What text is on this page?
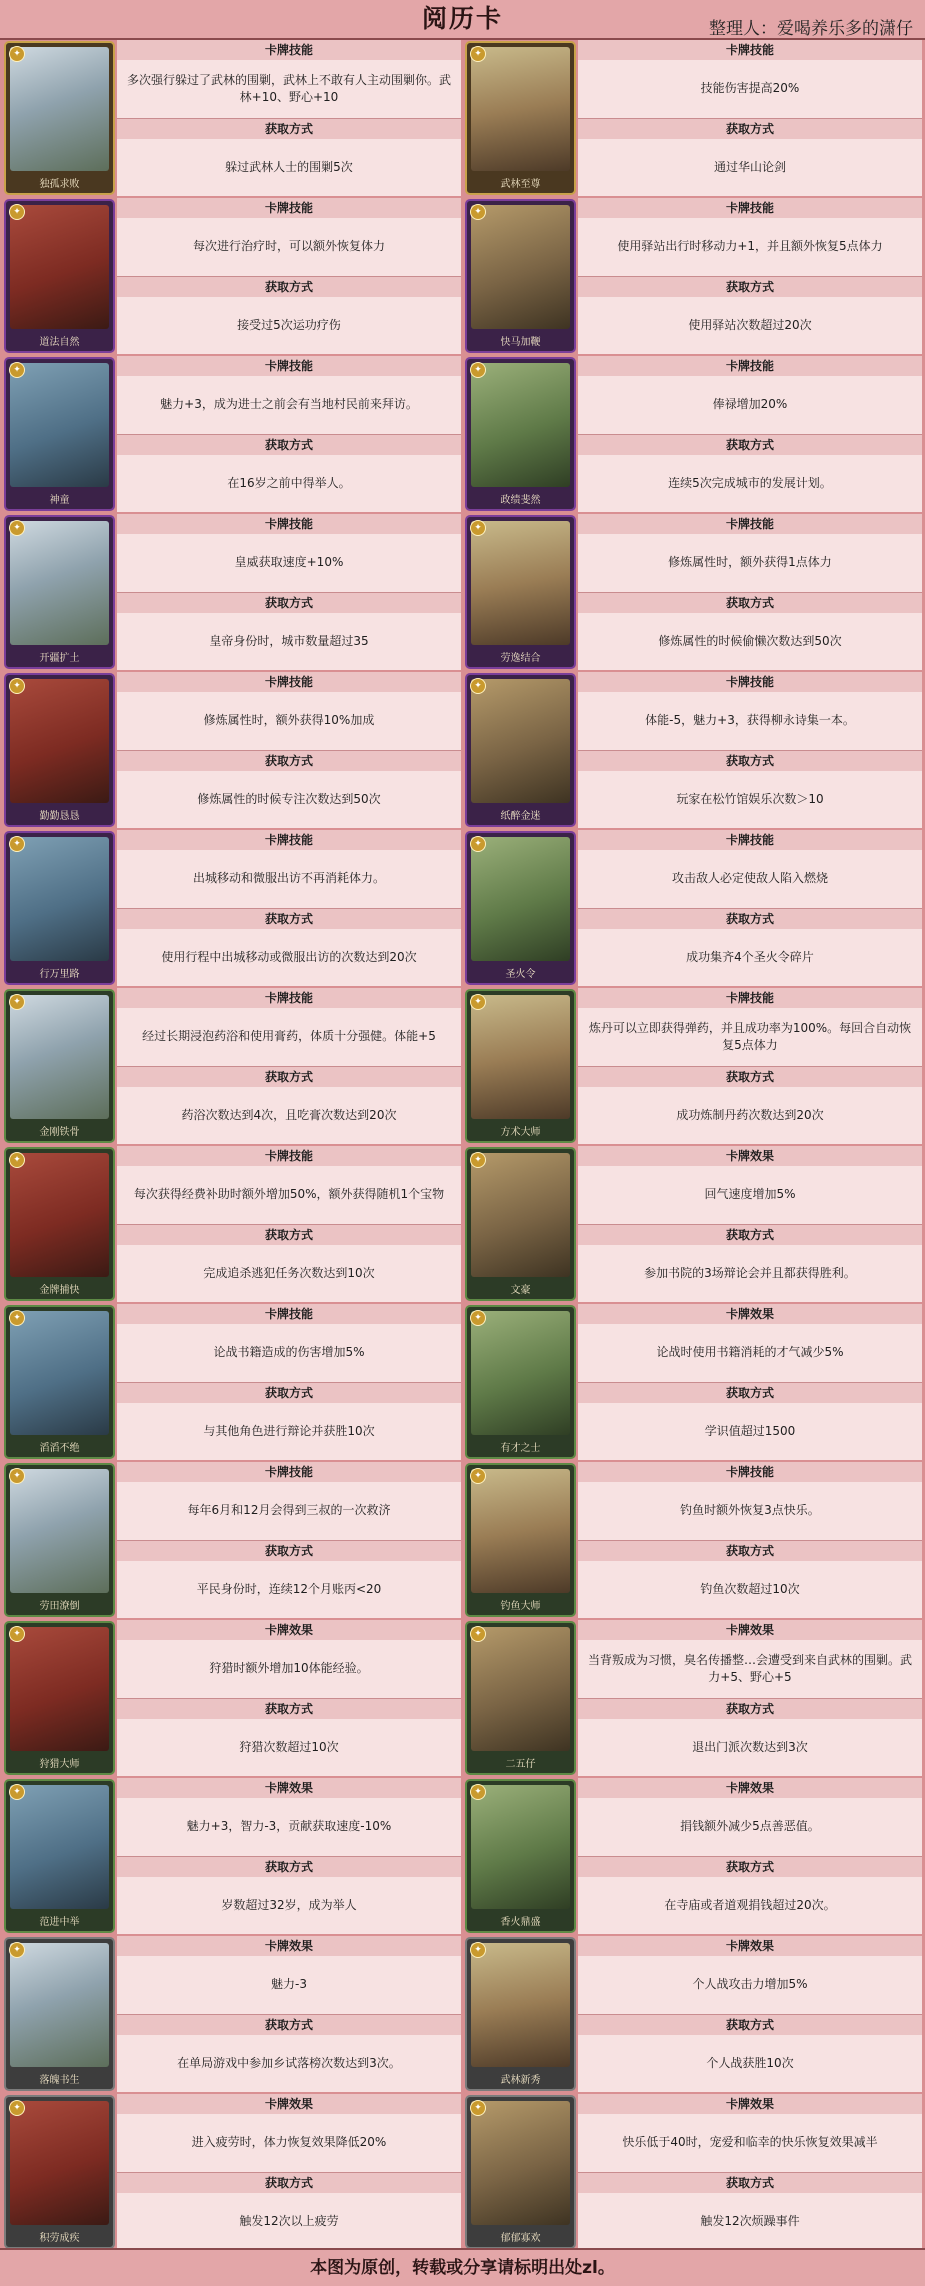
阅历卡	整理人：爱喝养乐多的潇仔
✦
独孤求败
卡牌技能
多次强行躲过了武林的围剿，武林上不敢有人主动围剿你。武林+10、野心+10
获取方式
躲过武林人士的围剿5次
✦
武林至尊
卡牌技能
技能伤害提高20%
获取方式
通过华山论剑
✦
道法自然
卡牌技能
每次进行治疗时，可以额外恢复体力
获取方式
接受过5次运功疗伤
✦
快马加鞭
卡牌技能
使用驿站出行时移动力+1，并且额外恢复5点体力
获取方式
使用驿站次数超过20次
✦
神童
卡牌技能
魅力+3，成为进士之前会有当地村民前来拜访。
获取方式
在16岁之前中得举人。
✦
政绩斐然
卡牌技能
俸禄增加20%
获取方式
连续5次完成城市的发展计划。
✦
开疆扩土
卡牌技能
皇威获取速度+10%
获取方式
皇帝身份时，城市数量超过35
✦
劳逸结合
卡牌技能
修炼属性时，额外获得1点体力
获取方式
修炼属性的时候偷懒次数达到50次
✦
勤勤恳恳
卡牌技能
修炼属性时，额外获得10%加成
获取方式
修炼属性的时候专注次数达到50次
✦
纸醉金迷
卡牌技能
体能-5，魅力+3，获得柳永诗集一本。
获取方式
玩家在松竹馆娱乐次数＞10
✦
行万里路
卡牌技能
出城移动和微服出访不再消耗体力。
获取方式
使用行程中出城移动或微服出访的次数达到20次
✦
圣火令
卡牌技能
攻击敌人必定使敌人陷入燃烧
获取方式
成功集齐4个圣火令碎片
✦
金刚铁骨
卡牌技能
经过长期浸泡药浴和使用膏药，体质十分强健。体能+5
获取方式
药浴次数达到4次，且吃膏次数达到20次
✦
方术大师
卡牌技能
炼丹可以立即获得弹药，并且成功率为100%。每回合自动恢复5点体力
获取方式
成功炼制丹药次数达到20次
✦
金牌捕快
卡牌技能
每次获得经费补助时额外增加50%，额外获得随机1个宝物
获取方式
完成追杀逃犯任务次数达到10次
✦
文豪
卡牌效果
回气速度增加5%
获取方式
参加书院的3场辩论会并且都获得胜利。
✦
滔滔不绝
卡牌技能
论战书籍造成的伤害增加5%
获取方式
与其他角色进行辩论并获胜10次
✦
有才之士
卡牌效果
论战时使用书籍消耗的才气减少5%
获取方式
学识值超过1500
✦
劳田潦倒
卡牌技能
每年6月和12月会得到三叔的一次救济
获取方式
平民身份时，连续12个月账丙<20
✦
钓鱼大师
卡牌技能
钓鱼时额外恢复3点快乐。
获取方式
钓鱼次数超过10次
✦
狩猎大师
卡牌效果
狩猎时额外增加10体能经验。
获取方式
狩猎次数超过10次
✦
二五仔
卡牌效果
当背叛成为习惯，臭名传播整…会遭受到来自武林的围剿。武力+5、野心+5
获取方式
退出门派次数达到3次
✦
范进中举
卡牌效果
魅力+3，智力-3，贡献获取速度-10%
获取方式
岁数超过32岁，成为举人
✦
香火鼎盛
卡牌效果
捐钱额外减少5点善恶值。
获取方式
在寺庙或者道观捐钱超过20次。
✦
落魄书生
卡牌效果
魅力-3
获取方式
在单局游戏中参加乡试落榜次数达到3次。
✦
武林新秀
卡牌效果
个人战攻击力增加5%
获取方式
个人战获胜10次
✦
积劳成疾
卡牌效果
进入疲劳时，体力恢复效果降低20%
获取方式
触发12次以上疲劳
✦
郁郁寡欢
卡牌效果
快乐低于40时，宠爱和临幸的快乐恢复效果减半
获取方式
触发12次烦躁事件
本图为原创，转载或分享请标明出处zl。
